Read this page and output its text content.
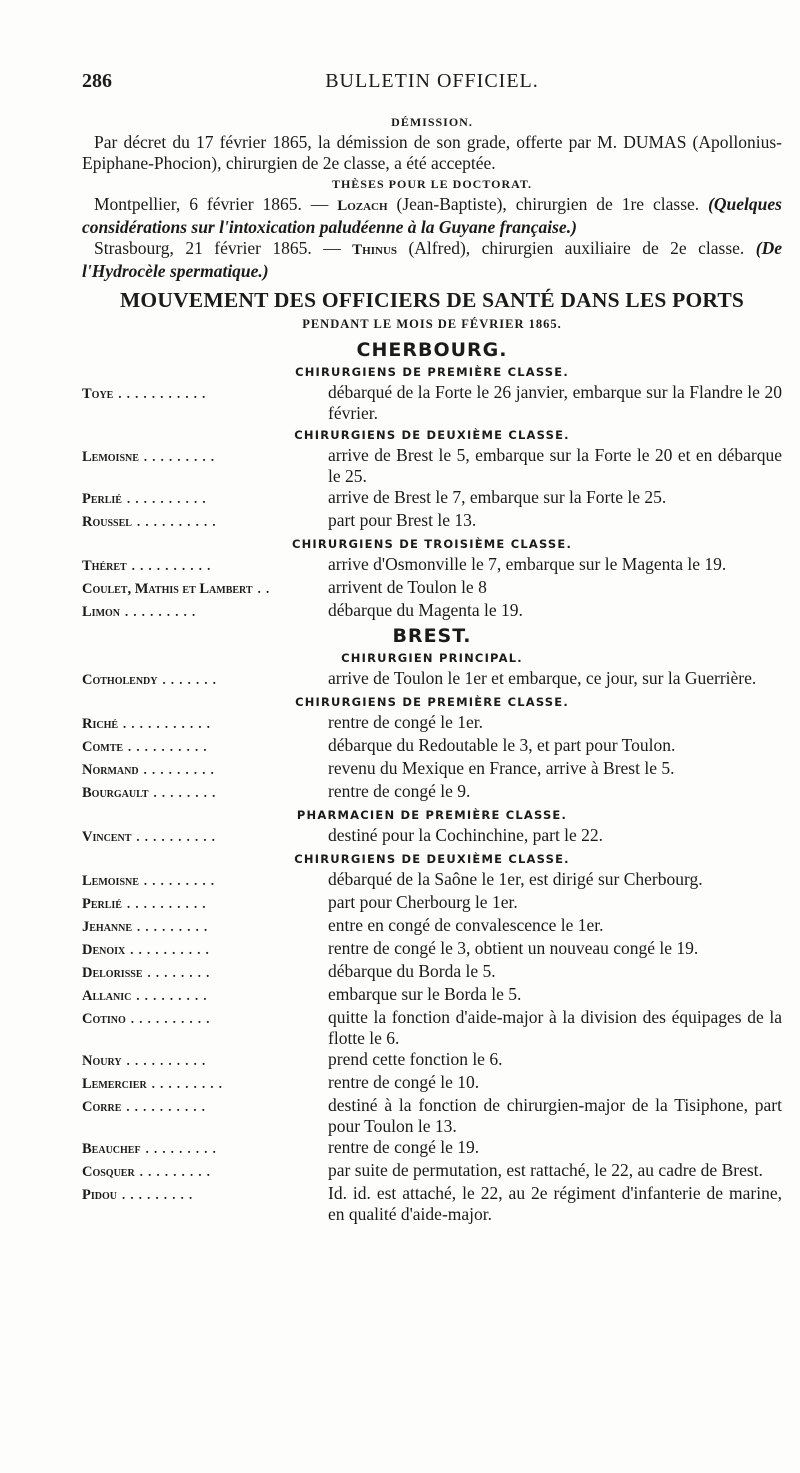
286	BULLETIN OFFICIEL.
DÉMISSION.

Par décret du 17 février 1865, la démission de son grade, offerte par M. DUMAS (Apollonius-Epiphane-Phocion), chirurgien de 2e classe, a été acceptée.

THÈSES POUR LE DOCTORAT.

Montpellier, 6 février 1865. — Lozach (Jean-Baptiste), chirurgien de 1re classe. (Quelques considérations sur l'intoxication paludéenne à la Guyane française.)

Strasbourg, 21 février 1865. — Thinus (Alfred), chirurgien auxiliaire de 2e classe. (De l'Hydrocèle spermatique.)

MOUVEMENT DES OFFICIERS DE SANTÉ DANS LES PORTS
PENDANT LE MOIS DE FÉVRIER 1865.
CHERBOURG.
CHIRURGIENS DE PREMIÈRE CLASSE.
Toye ...........	débarqué de la Forte le 26 janvier, embarque sur la Flandre le 20 février.
CHIRURGIENS DE DEUXIÈME CLASSE.
Lemoisne .........	arrive de Brest le 5, embarque sur la Forte le 20 et en débarque le 25.
Perlié ..........	arrive de Brest le 7, embarque sur la Forte le 25.
Roussel ..........	part pour Brest le 13.
CHIRURGIENS DE TROISIÈME CLASSE.
Théret ..........	arrive d'Osmonville le 7, embarque sur le Magenta le 19.
Coulet, Mathis et Lambert ..	arrivent de Toulon le 8
Limon .........	débarque du Magenta le 19.
BREST.
CHIRURGIEN PRINCIPAL.
Cotholendy .......	arrive de Toulon le 1er et embarque, ce jour, sur la Guerrière.
CHIRURGIENS DE PREMIÈRE CLASSE.
Riché ...........	rentre de congé le 1er.
Comte ..........	débarque du Redoutable le 3, et part pour Toulon.
Normand .........	revenu du Mexique en France, arrive à Brest le 5.
Bourgault ........	rentre de congé le 9.
PHARMACIEN DE PREMIÈRE CLASSE.
Vincent ..........	destiné pour la Cochinchine, part le 22.
CHIRURGIENS DE DEUXIÈME CLASSE.
Lemoisne .........	débarqué de la Saône le 1er, est dirigé sur Cherbourg.
Perlié ..........	part pour Cherbourg le 1er.
Jehanne .........	entre en congé de convalescence le 1er.
Denoix ..........	rentre de congé le 3, obtient un nouveau congé le 19.
Delorisse ........	débarque du Borda le 5.
Allanic .........	embarque sur le Borda le 5.
Cotino ..........	quitte la fonction d'aide-major à la division des équipages de la flotte le 6.
Noury ..........	prend cette fonction le 6.
Lemercier .........	rentre de congé le 10.
Corre ..........	destiné à la fonction de chirurgien-major de la Tisiphone, part pour Toulon le 13.
Beauchef .........	rentre de congé le 19.
Cosquer .........	par suite de permutation, est rattaché, le 22, au cadre de Brest.
Pidou .........	Id. id. est attaché, le 22, au 2e régiment d'infanterie de marine, en qualité d'aide-major.
